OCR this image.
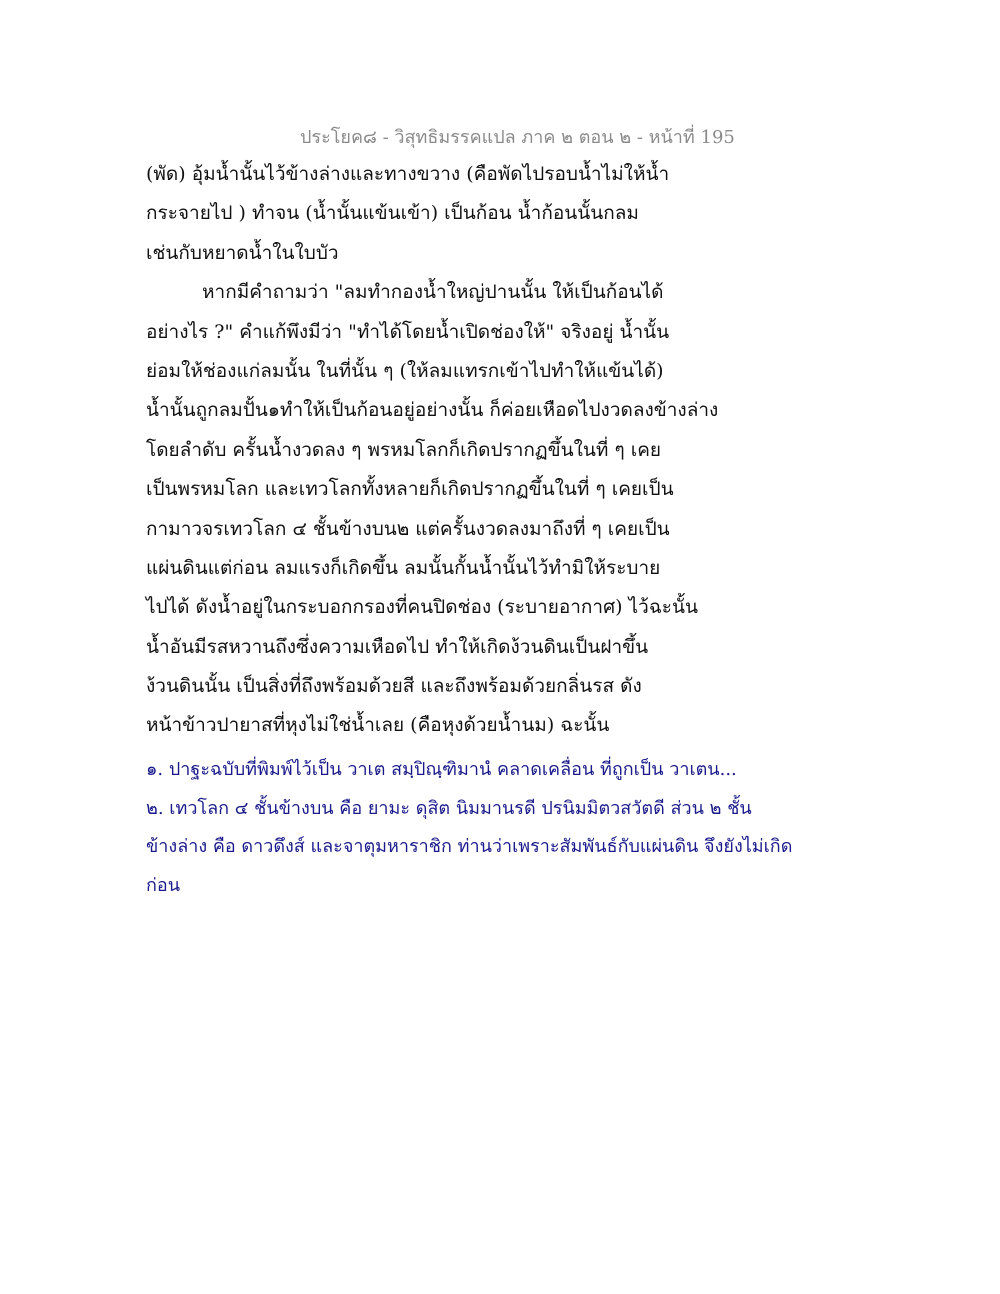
ประโยค๘ - วิสุทธิมรรคแปล ภาค ๒ ตอน ๒ - หน้าที่ 195
(พัด) อุ้มน้ำนั้นไว้ข้างล่างและทางขวาง (คือพัดไปรอบน้ำไม่ให้น้ำ
กระจายไป ) ทำจน (น้ำนั้นแข้นเข้า) เป็นก้อน น้ำก้อนนั้นกลม
เช่นกับหยาดน้ำในใบบัว
หากมีคำถามว่า "ลมทำกองน้ำใหญ่ปานนั้น ให้เป็นก้อนได้
อย่างไร ?" คำแก้พึงมีว่า "ทำได้โดยน้ำเปิดช่องให้" จริงอยู่ น้ำนั้น
ย่อมให้ช่องแก่ลมนั้น ในที่นั้น ๆ (ให้ลมแทรกเข้าไปทำให้แข้นได้)
น้ำนั้นถูกลมปั้น๑ทำให้เป็นก้อนอยู่อย่างนั้น ก็ค่อยเหือดไปงวดลงข้างล่าง
โดยลำดับ ครั้นน้ำงวดลง ๆ พรหมโลกก็เกิดปรากฏขึ้นในที่ ๆ เคย
เป็นพรหมโลก และเทวโลกทั้งหลายก็เกิดปรากฏขึ้นในที่ ๆ เคยเป็น
กามาวจรเทวโลก ๔ ชั้นข้างบน๒ แต่ครั้นงวดลงมาถึงที่ ๆ เคยเป็น
แผ่นดินแต่ก่อน ลมแรงก็เกิดขึ้น ลมนั้นกั้นน้ำนั้นไว้ทำมิให้ระบาย
ไปได้ ดังน้ำอยู่ในกระบอกกรองที่คนปิดช่อง (ระบายอากาศ) ไว้ฉะนั้น
น้ำอันมีรสหวานถึงซึ่งความเหือดไป ทำให้เกิดง้วนดินเป็นฝาขึ้น
ง้วนดินนั้น เป็นสิ่งที่ถึงพร้อมด้วยสี และถึงพร้อมด้วยกลิ่นรส ดัง
หน้าข้าวปายาสที่หุงไม่ใช่น้ำเลย (คือหุงด้วยน้ำนม) ฉะนั้น
๑. ปาฐะฉบับที่พิมพ์ไว้เป็น วาเต สมฺปิณฺฑิมานํ คลาดเคลื่อน ที่ถูกเป็น วาเตน...
๒. เทวโลก ๔ ชั้นข้างบน คือ ยามะ ดุสิต นิมมานรดี ปรนิมมิตวสวัตดี ส่วน ๒ ชั้น
ข้างล่าง คือ ดาวดึงส์ และจาตุมหาราชิก ท่านว่าเพราะสัมพันธ์กับแผ่นดิน จึงยังไม่เกิด
ก่อน
